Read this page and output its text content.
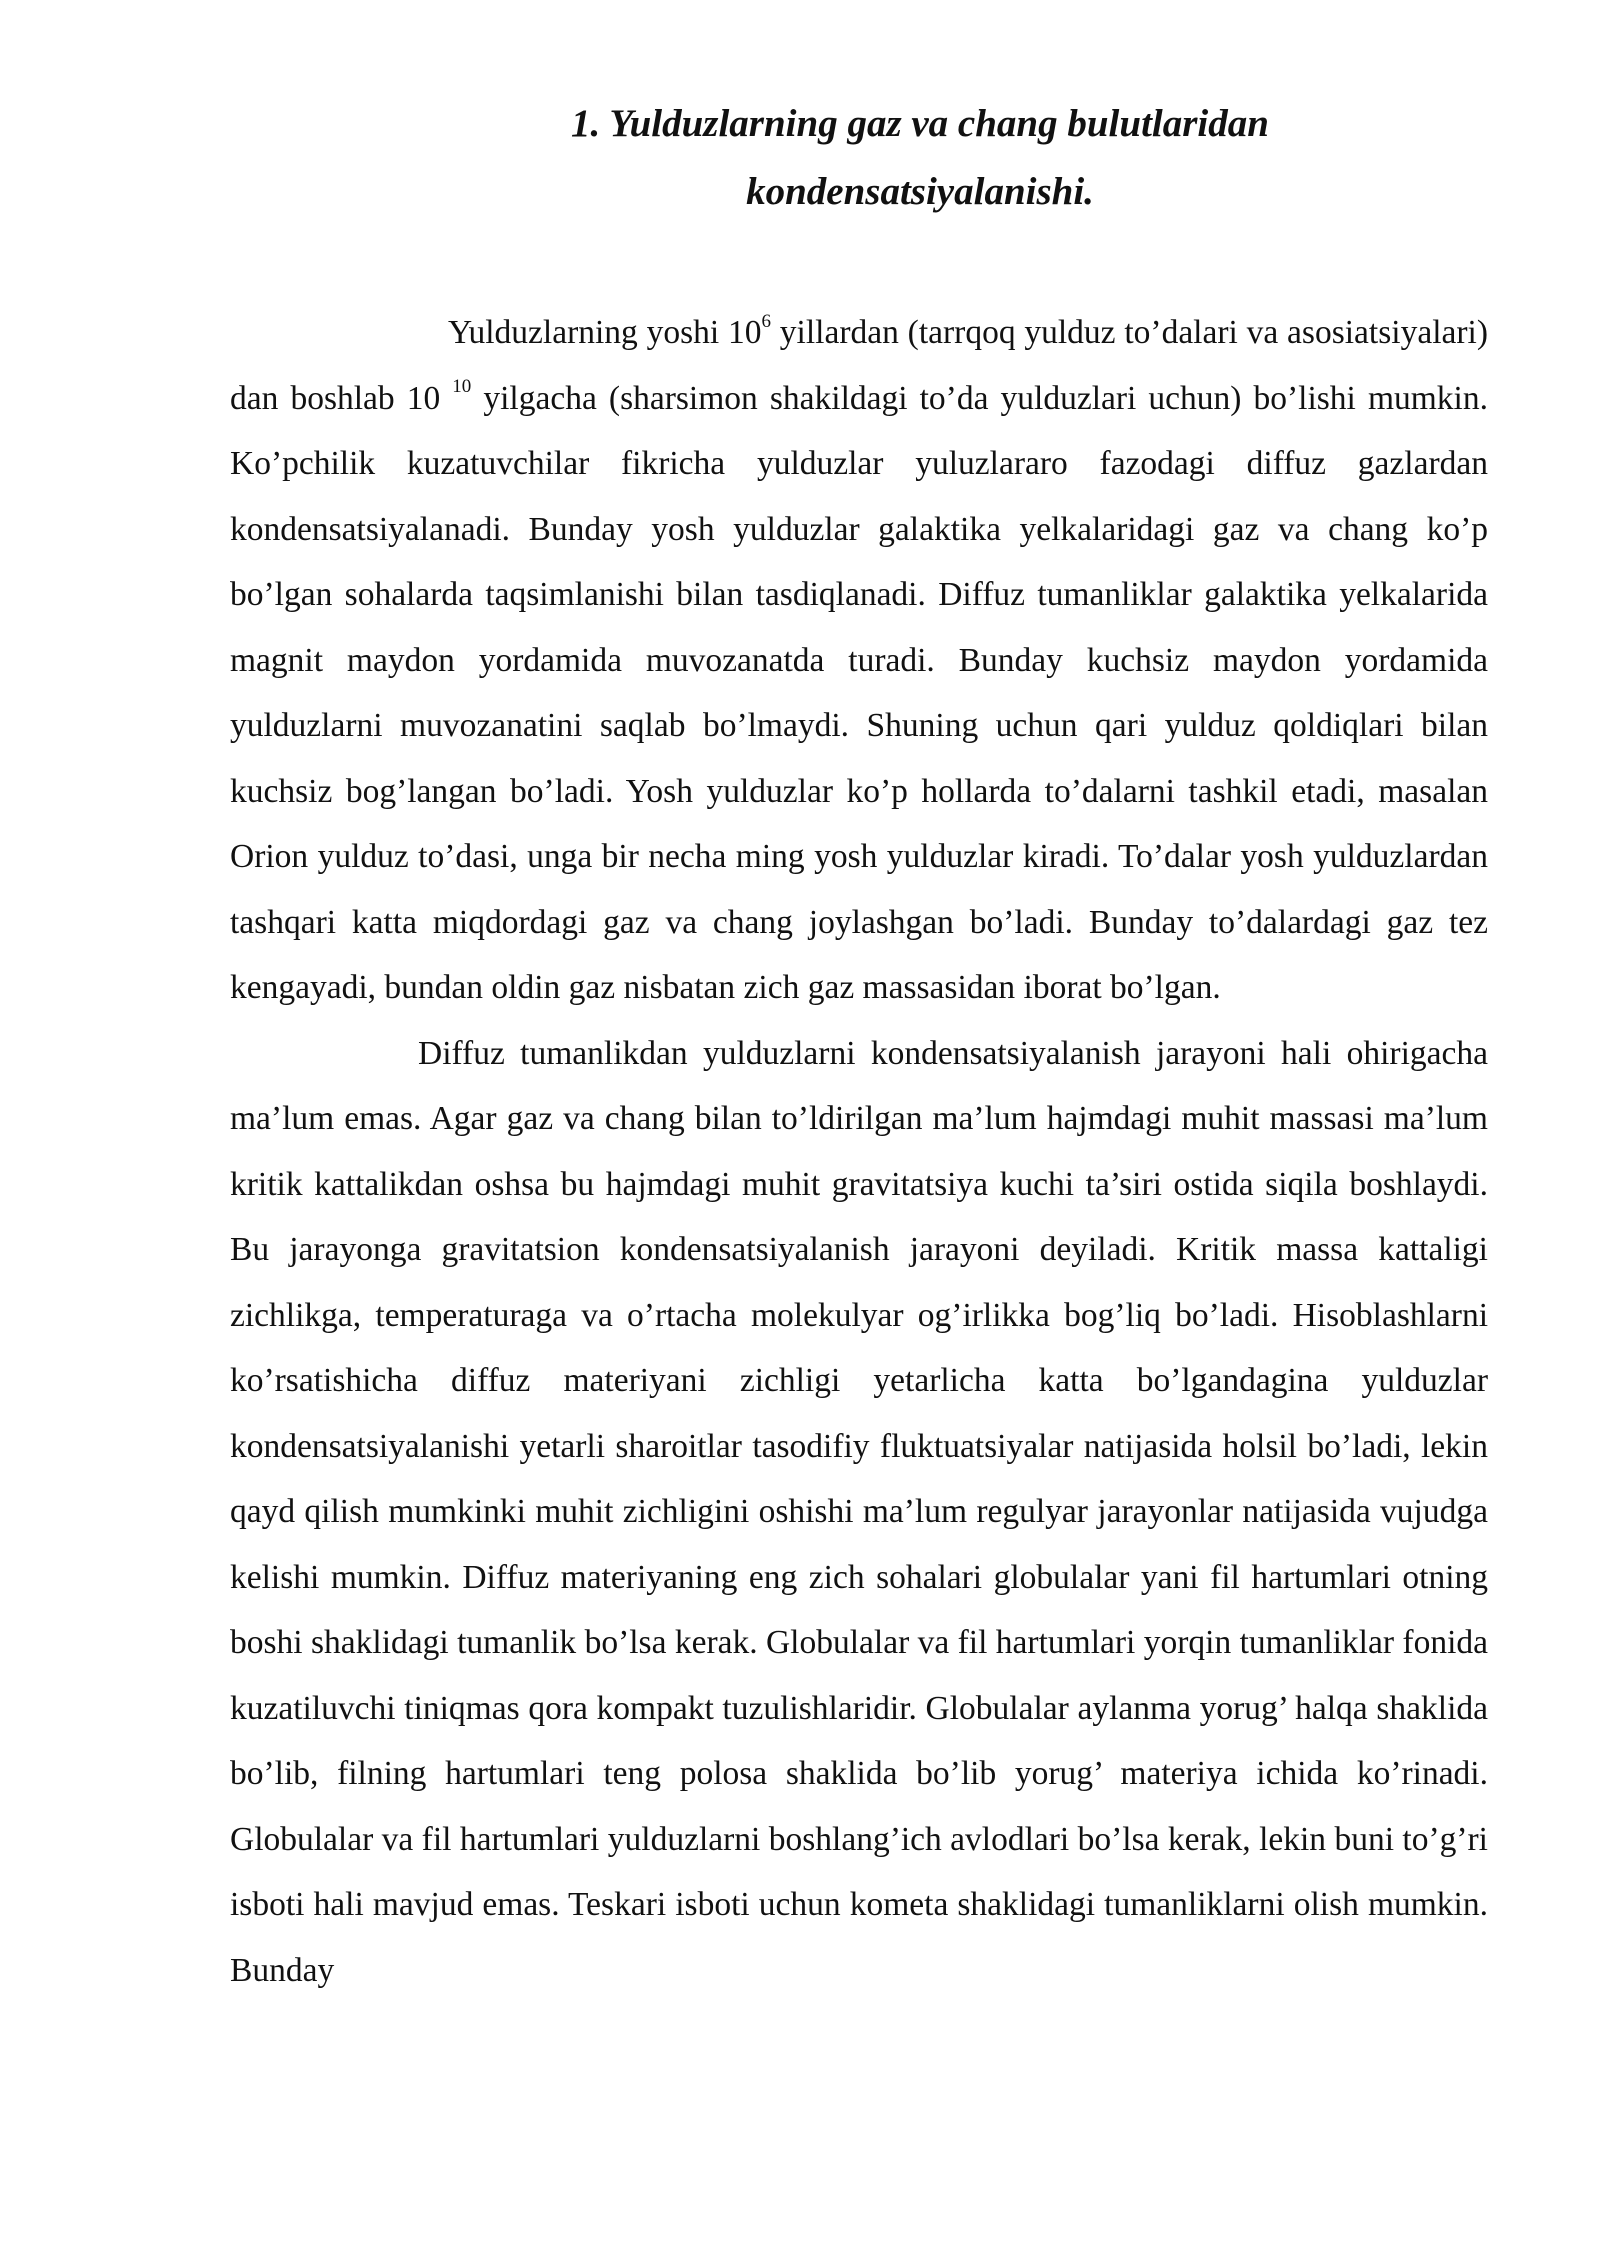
1. Yulduzlarning gaz va chang bulutlaridan
kondensatsiyalanishi.

Yulduzlarning yoshi $10^6$ yillardan (tarrqoq yulduz to’dalari va asosiatsiyalari) dan boshlab 10 $^{10}$ yilgacha (sharsimon shakildagi to’da yulduzlari uchun) bo’lishi mumkin. Ko’pchilik kuzatuvchilar fikricha yulduzlar yuluzlararo fazodagi diffuz gazlardan kondensatsiyalanadi. Bunday yosh yulduzlar galaktika yelkalaridagi gaz va chang ko’p bo’lgan sohalarda taqsimlanishi bilan tasdiqlanadi. Diffuz tumanliklar galaktika yelkalarida magnit maydon yordamida muvozanatda turadi. Bunday kuchsiz maydon yordamida yulduzlarni muvozanatini saqlab bo’lmaydi. Shuning uchun qari yulduz qoldiqlari bilan kuchsiz bog’langan bo’ladi. Yosh yulduzlar ko’p hollarda to’dalarni tashkil etadi, masalan Orion yulduz to’dasi, unga bir necha ming yosh yulduzlar kiradi. To’dalar yosh yulduzlardan tashqari katta miqdordagi gaz va chang joylashgan bo’ladi. Bunday to’dalardagi gaz tez kengayadi, bundan oldin gaz nisbatan zich gaz massasidan iborat bo’lgan.

Diffuz tumanlikdan yulduzlarni kondensatsiyalanish jarayoni hali ohirigacha ma’lum emas. Agar gaz va chang bilan to’ldirilgan ma’lum hajmdagi muhit massasi ma’lum kritik kattalikdan oshsa bu hajmdagi muhit gravitatsiya kuchi ta’siri ostida siqila boshlaydi. Bu jarayonga gravitatsion kondensatsiyalanish jarayoni deyiladi. Kritik massa kattaligi zichlikga, temperaturaga va o’rtacha molekulyar og’irlikka bog’liq bo’ladi. Hisoblashlarni ko’rsatishicha diffuz materiyani zichligi yetarlicha katta bo’lgandagina yulduzlar kondensatsiyalanishi yetarli sharoitlar tasodifiy fluktuatsiyalar natijasida holsil bo’ladi, lekin qayd qilish mumkinki muhit zichligini oshishi ma’lum regulyar jarayonlar natijasida vujudga kelishi mumkin. Diffuz materiyaning eng zich sohalari globulalar yani fil hartumlari otning boshi shaklidagi tumanlik bo’lsa kerak. Globulalar va fil hartumlari yorqin tumanliklar fonida kuzatiluvchi tiniqmas qora kompakt tuzulishlaridir. Globulalar aylanma yorug’ halqa shaklida bo’lib, filning hartumlari teng polosa shaklida bo’lib yorug’ materiya ichida ko’rinadi. Globulalar va fil hartumlari yulduzlarni boshlang’ich avlodlari bo’lsa kerak, lekin buni to’g’ri isboti hali mavjud emas. Teskari isboti uchun kometa shaklidagi tumanliklarni olish mumkin. Bunday
